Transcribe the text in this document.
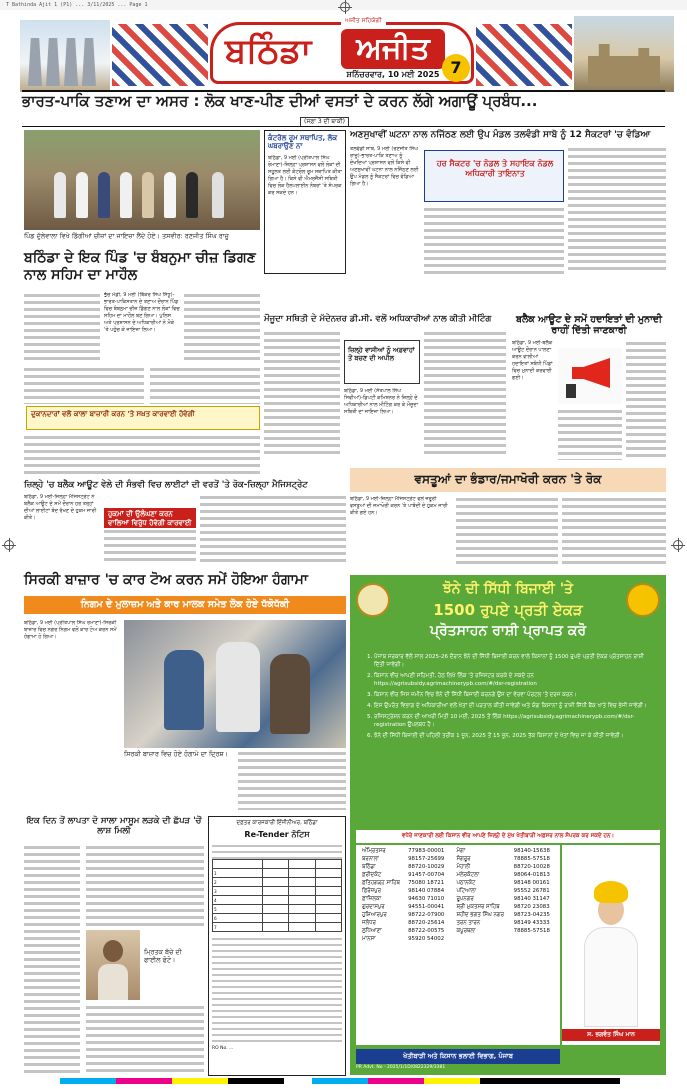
T Bathinda Ajit 1 (P1) ... 3/11/2025 ... Page 1
ਅਜੀਤ ਸਹਿਯੋਗੀ
ਬਠਿੰਡਾ	ਅਜੀਤ
ਸ਼ਨਿੱਚਰਵਾਰ, 10 ਮਈ 2025 7
ਭਾਰਤ-ਪਾਕਿ ਤਣਾਅ ਦਾ ਅਸਰ : ਲੋਕ ਖਾਣ-ਪੀਣ ਦੀਆਂ ਵਸਤਾਂ ਦੇ ਕਰਨ ਲੱਗੇ ਅਗਾਊਂ ਪ੍ਰਬੰਧ...
(ਸਫ਼ਾ 3 ਦੀ ਬਾਕੀ)
ਪਿੰਡ ਦੁੱਲੇਵਾਲਾ ਵਿਖੇ ਡਿੱਗੀਆਂ ਚੀਜ਼ਾਂ ਦਾ ਜਾਇਜ਼ਾ ਲੈਂਦੇ ਹੋਏ। ਤਸਵੀਰ: ਰਣਜੀਤ ਸਿੰਘ ਰਾਜੂ
ਬਠਿੰਡਾ ਦੇ ਇਕ ਪਿੰਡ 'ਚ ਬੰਬਨੁਮਾ ਚੀਜ਼ ਡਿਗਣ ਨਾਲ ਸਹਿਮ ਦਾ ਮਾਹੌਲ
ਭੁੱਚੋ ਮੰਡੀ, 9 ਮਈ (ਬਿੱਕਰ ਸਿੰਘ ਸਿੱਧੂ)-ਭਾਰਤ-ਪਾਕਿਸਤਾਨ ਦੇ ਤਣਾਅ ਦੌਰਾਨ ਪਿੰਡ ਵਿਚ ਬੰਬਨੁਮਾ ਚੀਜ਼ ਡਿੱਗਣ ਨਾਲ ਲੋਕਾਂ ਵਿਚ ਸਹਿਮ ਦਾ ਮਾਹੌਲ ਬਣ ਗਿਆ। ਪੁਲਿਸ ਅਤੇ ਪ੍ਰਸ਼ਾਸਨ ਦੇ ਅਧਿਕਾਰੀਆਂ ਨੇ ਮੌਕੇ 'ਤੇ ਪਹੁੰਚ ਕੇ ਜਾਇਜ਼ਾ ਲਿਆ।
ਦੁਕਾਨਦਾਰਾਂ ਵਲੋਂ ਕਾਲਾ ਬਾਜ਼ਾਰੀ ਕਰਨ 'ਤੇ ਸਖ਼ਤ ਕਾਰਵਾਈ ਹੋਵੇਗੀ
ਕੰਟਰੋਲ ਰੂਮ ਸਥਾਪਿਤ, ਲੋਕ ਘਬਰਾਉਣ ਨਾ
ਬਠਿੰਡਾ, 9 ਮਈ (ਪ੍ਰੀਤਪਾਲ ਸਿੰਘ ਰੋਮਾਣਾ)-ਜ਼ਿਲ੍ਹਾ ਪ੍ਰਸ਼ਾਸਨ ਵਲੋਂ ਲੋਕਾਂ ਦੀ ਸਹੂਲਤ ਲਈ ਕੰਟਰੋਲ ਰੂਮ ਸਥਾਪਿਤ ਕੀਤਾ ਗਿਆ ਹੈ। ਕਿਸੇ ਵੀ ਐਮਰਜੈਂਸੀ ਸਥਿਤੀ ਵਿਚ ਲੋਕ ਹੈਲਪਲਾਈਨ ਨੰਬਰਾਂ 'ਤੇ ਸੰਪਰਕ ਕਰ ਸਕਦੇ ਹਨ।
ਅਣਸੁਖਾਵੀਂ ਘਟਨਾ ਨਾਲ ਨਜਿੱਠਣ ਲਈ ਉਪ ਮੰਡਲ ਤਲਵੰਡੀ ਸਾਬੋ ਨੂੰ 12 ਸੈਕਟਰਾਂ 'ਚ ਵੰਡਿਆ
ਤਲਵੰਡੀ ਸਾਬੋ, 9 ਮਈ (ਰਣਜੀਤ ਸਿੰਘ ਰਾਜੂ)-ਭਾਰਤ-ਪਾਕਿ ਤਣਾਅ ਨੂੰ ਦੇਖਦਿਆਂ ਪ੍ਰਸ਼ਾਸਨ ਵਲੋਂ ਕਿਸੇ ਵੀ ਅਣਸੁਖਾਵੀਂ ਘਟਨਾ ਨਾਲ ਨਜਿੱਠਣ ਲਈ ਉਪ ਮੰਡਲ ਨੂੰ ਸੈਕਟਰਾਂ ਵਿਚ ਵੰਡਿਆ ਗਿਆ ਹੈ।
ਹਰ ਸੈਕਟਰ 'ਚ ਨੋਡਲ ਤੇ ਸਹਾਇਕ ਨੋਡਲ ਅਧਿਕਾਰੀ ਤਾਇਨਾਤ
ਮੌਜੂਦਾ ਸਥਿਤੀ ਦੇ ਮੱਦੇਨਜ਼ਰ ਡੀ.ਸੀ. ਵਲੋਂ ਅਧਿਕਾਰੀਆਂ ਨਾਲ ਕੀਤੀ ਮੀਟਿੰਗ
ਜ਼ਿਲ੍ਹੇ ਵਾਸੀਆਂ ਨੂੰ ਅਫ਼ਵਾਹਾਂ ਤੋਂ ਬਚਣ ਦੀ ਅਪੀਲ
ਬਠਿੰਡਾ, 9 ਮਈ (ਸੱਤਪਾਲ ਸਿੰਘ ਸਿਵੀਆਂ)-ਡਿਪਟੀ ਕਮਿਸ਼ਨਰ ਨੇ ਜ਼ਿਲ੍ਹੇ ਦੇ ਅਧਿਕਾਰੀਆਂ ਨਾਲ ਮੀਟਿੰਗ ਕਰ ਕੇ ਮੌਜੂਦਾ ਸਥਿਤੀ ਦਾ ਜਾਇਜ਼ਾ ਲਿਆ।
ਬਲੈਕ ਆਊਟ ਦੇ ਸਮੇਂ ਹਦਾਇਤਾਂ ਦੀ ਮੁਨਾਦੀ ਰਾਹੀਂ ਦਿੱਤੀ ਜਾਣਕਾਰੀ
ਬਠਿੰਡਾ, 9 ਮਈ-ਬਲੈਕ ਆਊਟ ਦੌਰਾਨ ਪਾਲਣਾ ਕਰਨ ਵਾਲੀਆਂ ਹਦਾਇਤਾਂ ਸਬੰਧੀ ਪਿੰਡਾਂ ਵਿਚ ਮੁਨਾਦੀ ਕਰਵਾਈ ਗਈ।
ਵਸਤੂਆਂ ਦਾ ਭੰਡਾਰ/ਜਮਾਖੋਰੀ ਕਰਨ 'ਤੇ ਰੋਕ
ਬਠਿੰਡਾ, 9 ਮਈ-ਜ਼ਿਲ੍ਹਾ ਮੈਜਿਸਟ੍ਰੇਟ ਵਲੋਂ ਜ਼ਰੂਰੀ ਵਸਤੂਆਂ ਦੀ ਜਮਾਖੋਰੀ ਕਰਨ 'ਤੇ ਪਾਬੰਦੀ ਦੇ ਹੁਕਮ ਜਾਰੀ ਕੀਤੇ ਗਏ ਹਨ।
ਜ਼ਿਲ੍ਹੇ 'ਚ ਬਲੈਕ ਆਊਟ ਵੇਲੇ ਦੀ ਸੰਭਵੀ ਵਿਚ ਲਾਈਟਾਂ ਦੀ ਵਰਤੋਂ 'ਤੇ ਰੋਕ-ਜ਼ਿਲ੍ਹਾ ਮੈਜਿਸਟ੍ਰੇਟ
ਬਠਿੰਡਾ, 9 ਮਈ-ਜ਼ਿਲ੍ਹਾ ਮੈਜਿਸਟ੍ਰੇਟ ਨੇ ਬਲੈਕ ਆਊਟ ਦੇ ਸਮੇਂ ਦੌਰਾਨ ਹਰ ਤਰ੍ਹਾਂ ਦੀਆਂ ਲਾਈਟਾਂ ਬੰਦ ਰੱਖਣ ਦੇ ਹੁਕਮ ਜਾਰੀ ਕੀਤੇ।	ਹੁਕਮਾਂ ਦੀ ਉਲੰਘਣਾ ਕਰਨ ਵਾਲਿਆਂ ਵਿਰੁੱਧ ਹੋਵੇਗੀ ਕਾਰਵਾਈ
ਸਿਰਕੀ ਬਾਜ਼ਾਰ 'ਚ ਕਾਰ ਟੋਅ ਕਰਨ ਸਮੇਂ ਹੋਇਆ ਹੰਗਾਮਾ
ਨਿਗਮ ਦੇ ਮੁਲਾਜ਼ਮ ਅਤੇ ਕਾਰ ਮਾਲਕ ਸਮੇਤ ਲੋਕ ਹੋਏ ਧੱਕੋਧੱਕੀ
ਬਠਿੰਡਾ, 9 ਮਈ (ਪ੍ਰੀਤਪਾਲ ਸਿੰਘ ਰੋਮਾਣਾ)-ਸਿਰਕੀ ਬਾਜ਼ਾਰ ਵਿਚ ਨਗਰ ਨਿਗਮ ਵਲੋਂ ਕਾਰ ਟੋਅ ਕਰਨ ਸਮੇਂ ਹੰਗਾਮਾ ਹੋ ਗਿਆ।
ਸਿਰਕੀ ਬਾਜ਼ਾਰ ਵਿਚ ਹੋਏ ਹੰਗਾਮੇ ਦਾ ਦ੍ਰਿਸ਼।
ਇਕ ਦਿਨ ਤੋਂ ਲਾਪਤਾ ਦੋ ਸਾਲਾ ਮਾਸੂਮ ਲੜਕੇ ਦੀ ਛੱਪੜ 'ਚੋਂ ਲਾਸ਼ ਮਿਲੀ
ਮ੍ਰਿਤਕ ਬੱਚੇ ਦੀ ਫਾਈਲ ਫੋਟੋ।
ਦਫ਼ਤਰ ਕਾਰਜਕਾਰੀ ਇੰਜੀਨੀਅਰ, ਬਠਿੰਡਾ
Re-Tender ਨੋਟਿਸ

1			
2			
3			
4			
5			
6			
7			
RO No. ...
ਝੋਨੇ ਦੀ ਸਿੱਧੀ ਬਿਜਾਈ 'ਤੇ
1500 ਰੁਪਏ ਪ੍ਰਤੀ ਏਕੜ
ਪ੍ਰੋਤਸਾਹਨ ਰਾਸ਼ੀ ਪ੍ਰਾਪਤ ਕਰੋ
1. ਪੰਜਾਬ ਸਰਕਾਰ ਵੱਲੋਂ ਸਾਲ 2025-26 ਦੌਰਾਨ ਝੋਨੇ ਦੀ ਸਿੱਧੀ ਬਿਜਾਈ ਕਰਨ ਵਾਲੇ ਕਿਸਾਨਾਂ ਨੂੰ 1500 ਰੁਪਏ ਪ੍ਰਤੀ ਏਕੜ ਪ੍ਰੋਤਸਾਹਨ ਰਾਸ਼ੀ ਦਿੱਤੀ ਜਾਵੇਗੀ।
2. ਕਿਸਾਨ ਵੀਰ ਆਪਣੀ ਸਹਿਮਤੀ, ਹੇਠ ਲਿਖੇ ਲਿੰਕ 'ਤੇ ਰਜਿਸਟਰ ਕਰਕੇ ਦੇ ਸਕਦੇ ਹਨ https://agrisubsidy.agrimachinerypb.com/#/dsr-registration
3. ਕਿਸਾਨ ਵੀਰ ਜਿਸ ਜ਼ਮੀਨ ਵਿਚ ਝੋਨੇ ਦੀ ਸਿੱਧੀ ਬਿਜਾਈ ਕਰਨਗੇ ਉਸ ਦਾ ਵੇਰਵਾ ਪੋਰਟਲ 'ਤੇ ਦਰਜ ਕਰਨ।
4. ਇਸ ਉਪਰੰਤ ਵਿਭਾਗ ਦੇ ਅਧਿਕਾਰੀਆਂ ਵਲੋਂ ਖੇਤਾਂ ਦੀ ਪੜਤਾਲ ਕੀਤੀ ਜਾਵੇਗੀ ਅਤੇ ਯੋਗ ਕਿਸਾਨਾਂ ਨੂੰ ਰਾਸ਼ੀ ਸਿੱਧੀ ਬੈਂਕ ਖਾਤੇ ਵਿਚ ਭੇਜੀ ਜਾਵੇਗੀ।
5. ਰਜਿਸਟ੍ਰੇਸ਼ਨ ਕਰਨ ਦੀ ਆਖਰੀ ਮਿਤੀ 10 ਮਈ, 2025 ਤੋਂ ਲਿੰਕ https://agrisubsidy.agrimachinerypb.com/#/dsr-registration ਉਪਲਬਧ ਹੈ।
6. ਝੋਨੇ ਦੀ ਸਿੱਧੀ ਬਿਜਾਈ ਦੀ ਪਹਿਲੀ ਤਰੀਕ 1 ਜੂਨ, 2025 ਤੋਂ 15 ਜੂਨ, 2025 ਤੱਕ ਕਿਸਾਨਾਂ ਦੇ ਖੇਤਾਂ ਵਿਚ ਜਾ ਕੇ ਕੀਤੀ ਜਾਵੇਗੀ।
ਵਧੇਰੇ ਜਾਣਕਾਰੀ ਲਈ ਕਿਸਾਨ ਵੀਰ ਆਪਣੇ ਜ਼ਿਲ੍ਹੇ ਦੇ ਮੁੱਖ ਖੇਤੀਬਾੜੀ ਅਫ਼ਸਰ ਨਾਲ ਸੰਪਰਕ ਕਰ ਸਕਦੇ ਹਨ।
ਅੰਮ੍ਰਿਤਸਰ	77983-00001	ਮੋਗਾ	98140-15638
ਬਰਨਾਲਾ	98157-25699	ਸੰਗਰੂਰ	78885-57518
ਬਠਿੰਡਾ	88720-10029	ਮੋਹਾਲੀ	88720-10028
ਫ਼ਰੀਦਕੋਟ	91457-00704	ਮਲੇਰਕੋਟਲਾ	98064-01813
ਫ਼ਤਿਹਗੜ੍ਹ ਸਾਹਿਬ	75080 18721	ਪਠਾਨਕੋਟ	98148 00161
ਫ਼ਿਰੋਜ਼ਪੁਰ	98140 07884	ਪਟਿਆਲਾ	95552 26781
ਫ਼ਾਜ਼ਿਲਕਾ	94630 71010	ਰੂਪਨਗਰ	98140 31147
ਗੁਰਦਾਸਪੁਰ	94551-00041	ਸ਼੍ਰੀ ਮੁਕਤਸਰ ਸਾਹਿਬ	98720 23083
ਹੁਸ਼ਿਆਰਪੁਰ	98722-07900	ਸ਼ਹੀਦ ਭਗਤ ਸਿੰਘ ਨਗਰ	98723-04235
ਜਲੰਧਰ	88720-25614	ਤਰਨ ਤਾਰਨ	98149 43333
ਲੁਧਿਆਣਾ	88722-00575	ਕਪੂਰਥਲਾ	78885-57518
ਮਾਨਸਾ	95920 54002		
ਸ. ਭਗਵੰਤ ਸਿੰਘ ਮਾਨ
ਖੇਤੀਬਾੜੀ ਅਤੇ ਕਿਸਾਨ ਭਲਾਈ ਵਿਭਾਗ, ਪੰਜਾਬ
PR Advt. No - 2025/1/1D/0822329/3381
